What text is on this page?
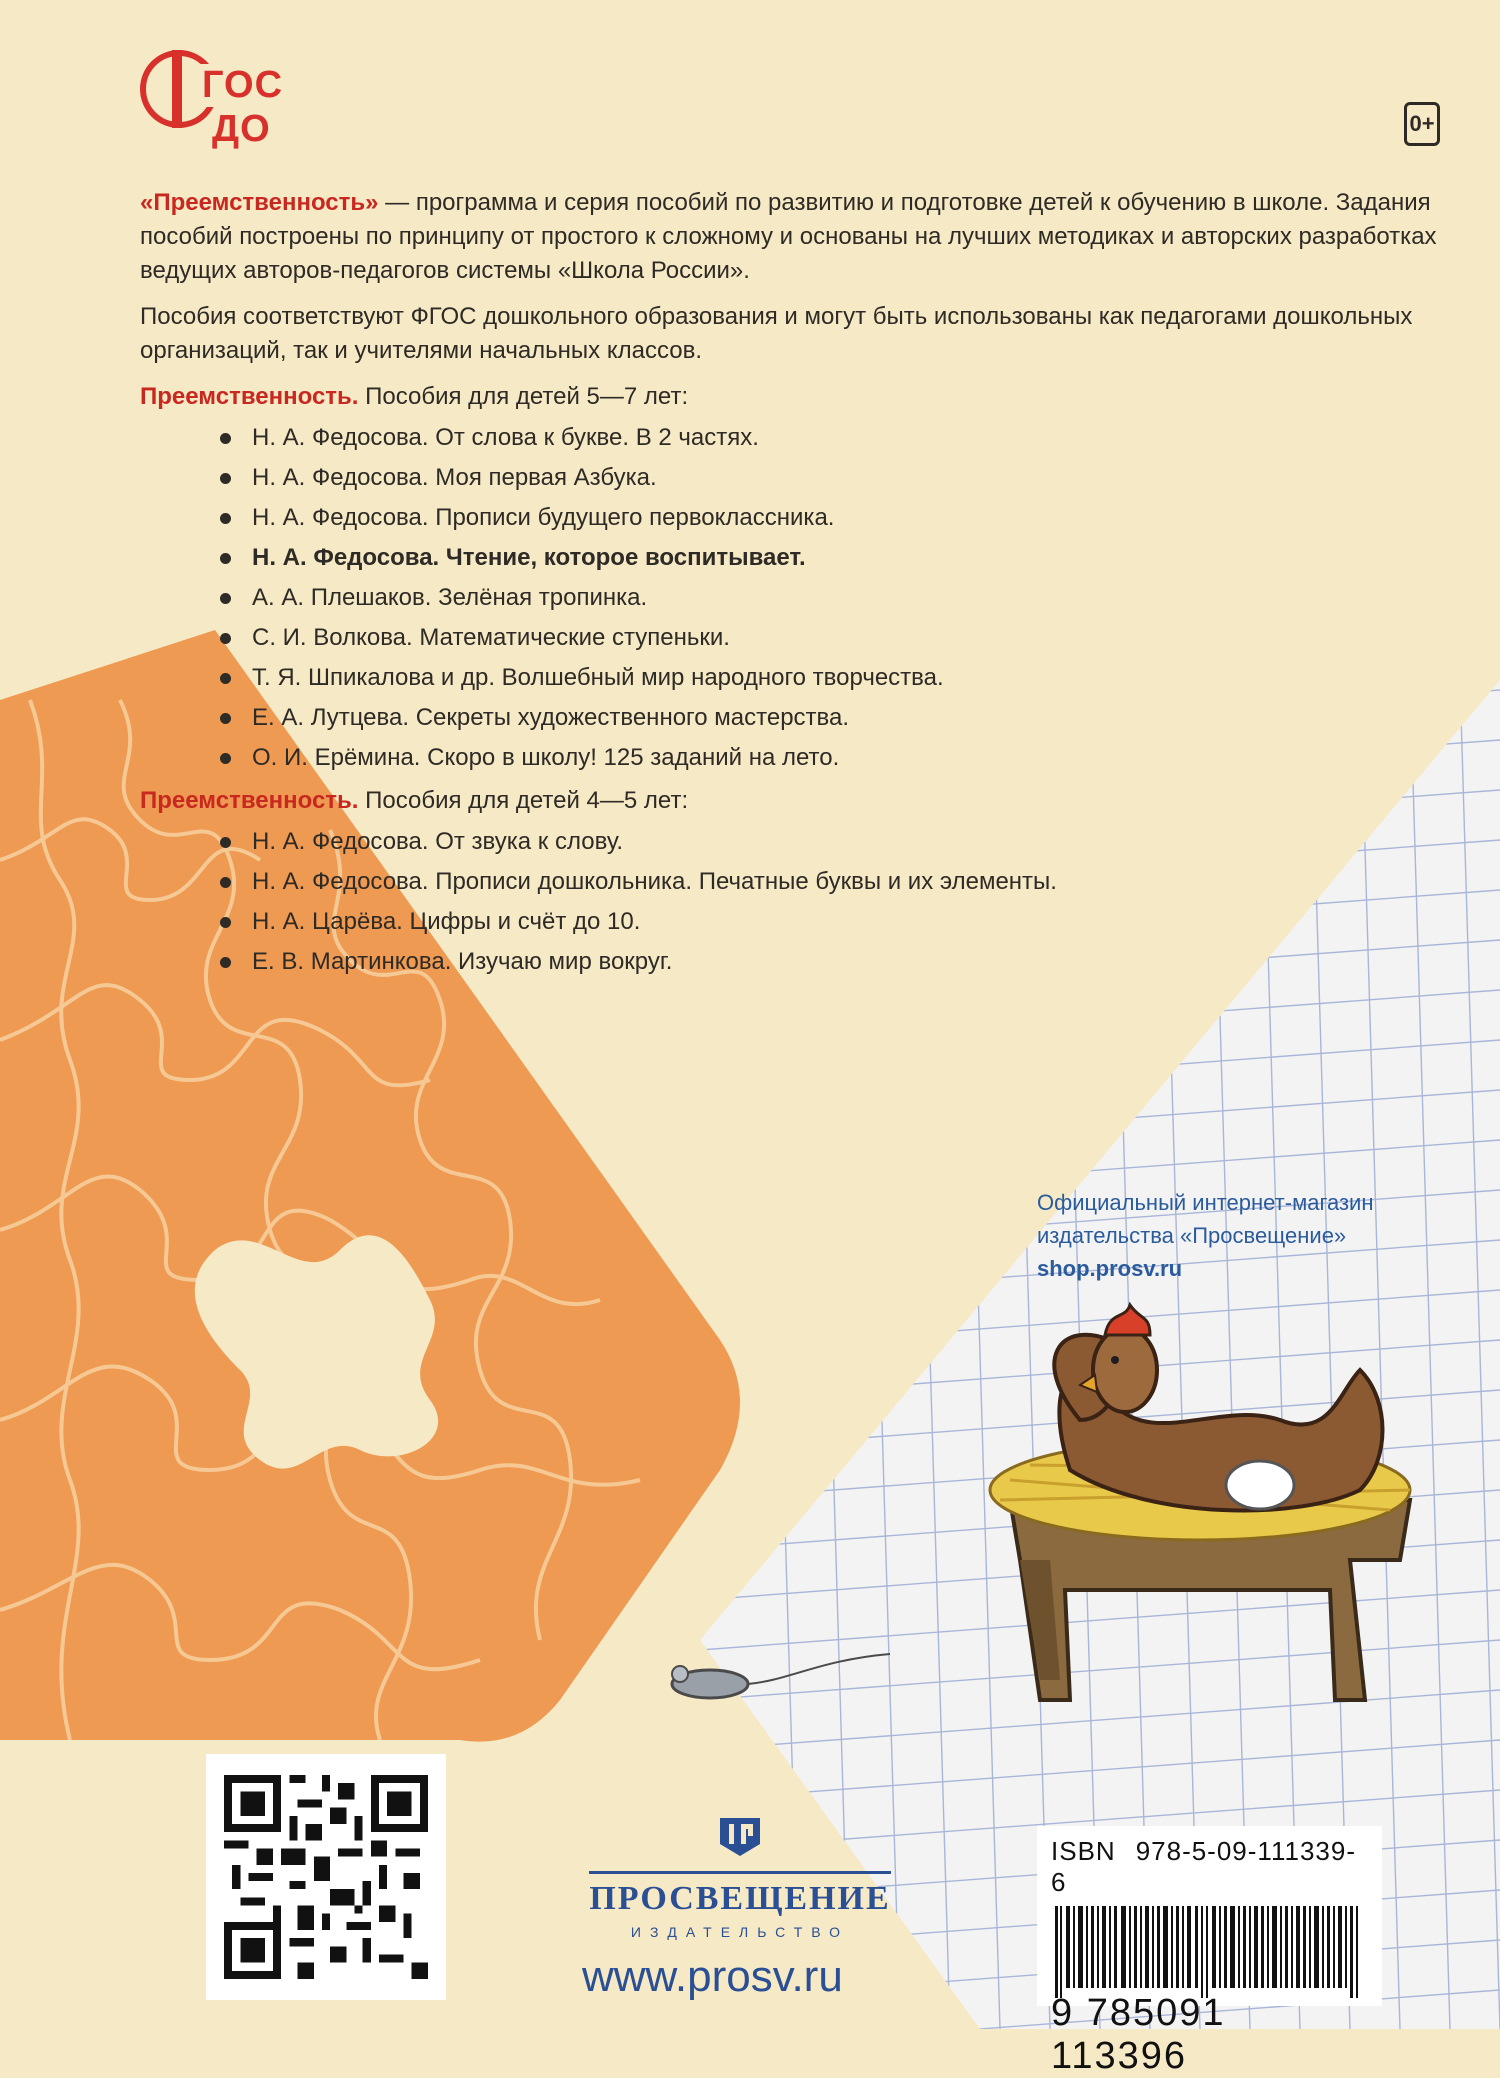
ГОС
ДО	0+

«Преемственность» — программа и серия пособий по развитию и подготовке детей к обучению в школе. Задания пособий построены по принципу от простого к сложному и основаны на лучших методиках и авторских разработках ведущих авторов-педагогов системы «Школа России».

Пособия соответствуют ФГОС дошкольного образования и могут быть использованы как педагогами дошкольных организаций, так и учителями начальных классов.

Преемственность. Пособия для детей 5—7 лет:

Н. А. Федосова. От слова к букве. В 2 частях.
Н. А. Федосова. Моя первая Азбука.
Н. А. Федосова. Прописи будущего первоклассника.
Н. А. Федосова. Чтение, которое воспитывает.
А. А. Плешаков. Зелёная тропинка.
С. И. Волкова. Математические ступеньки.
Т. Я. Шпикалова и др. Волшебный мир народного творчества.
Е. А. Лутцева. Секреты художественного мастерства.
О. И. Ерёмина. Скоро в школу! 125 заданий на лето.

Преемственность. Пособия для детей 4—5 лет:

Н. А. Федосова. От звука к слову.
Н. А. Федосова. Прописи дошкольника. Печатные буквы и их элементы.
Н. А. Царёва. Цифры и счёт до 10.
Е. В. Мартинкова. Изучаю мир вокруг.
Официальный интернет-магазин
издательства «Просвещение»
shop.prosv.ru
ПРОСВЕЩЕНИЕ
ИЗДАТЕЛЬСТВО
www.prosv.ru
ISBN 978-5-09-111339-6
9 785091 113396
